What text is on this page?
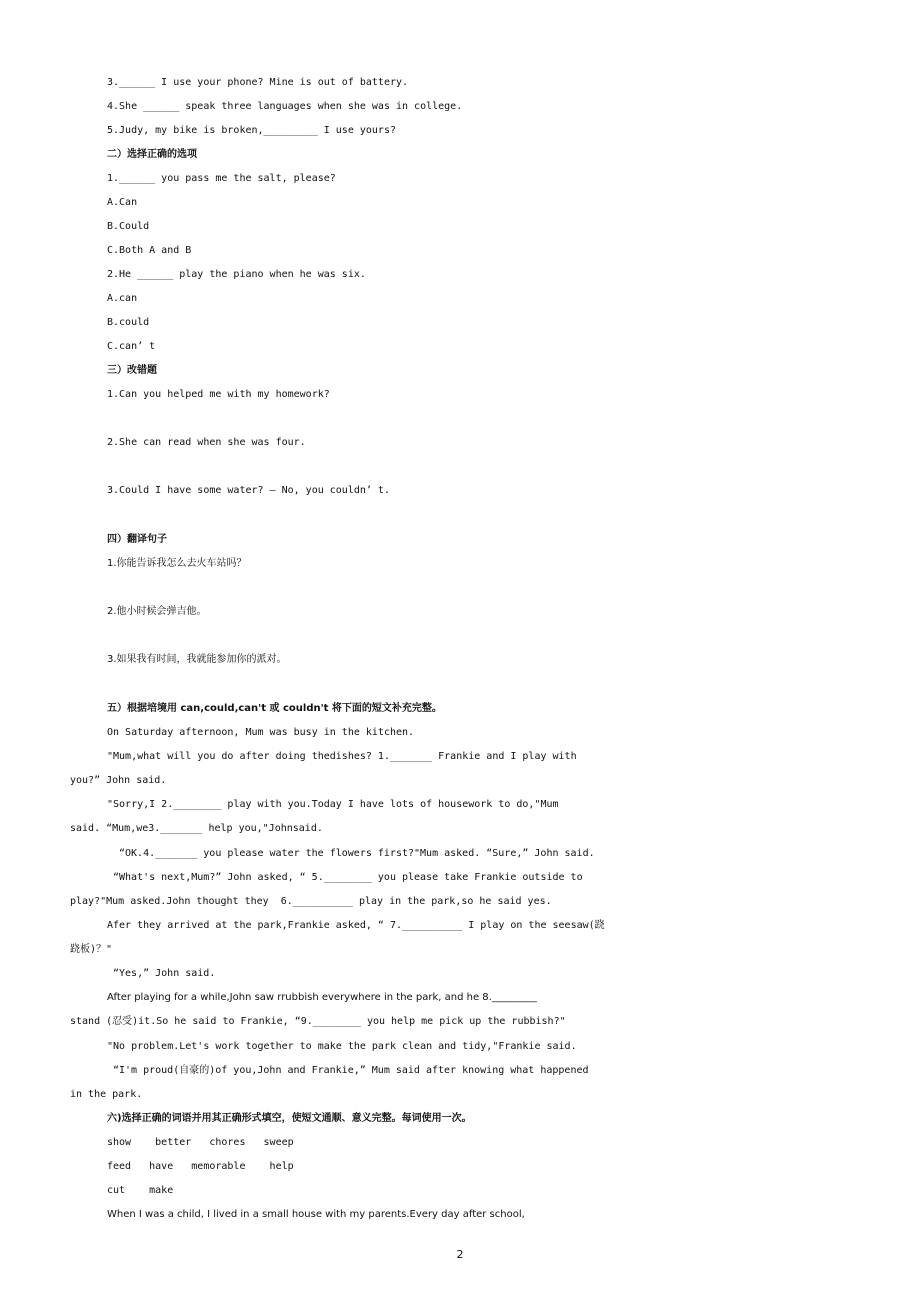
3.______ I use your phone? Mine is out of battery.
4.She ______ speak three languages when she was in college.
5.Judy, my bike is broken,_________ I use yours?
二）选择正确的选项
1.______ you pass me the salt, please?
A.Can
B.Could
C.Both A and B
2.He ______ play the piano when he was six.
A.can
B.could
C.can’ t
三）改错题
1.Can you helped me with my homework?
2.She can read when she was four.
3.Could I have some water? — No, you couldn’ t.
四）翻译句子
1.你能告诉我怎么去火车站吗？
2.他小时候会弹吉他。
3.如果我有时间，我就能参加你的派对。
五）根据培境用 can,could,can't 或 couldn't 将下面的短文补充完整。
On Saturday afternoon, Mum was busy in the kitchen.
"Mum,what will you do after doing thedishes? 1._______ Frankie and I play with
you?” John said.
"Sorry,I 2.________ play with you.Today I have lots of housework to do,"Mum
said. “Mum,we3._______ help you,"Johnsaid.
“OK.4._______ you please water the flowers first?"Mum asked. “Sure,” John said.
“What's next,Mum?” John asked, “ 5.________ you please take Frankie outside to
play?"Mum asked.John thought they  6.__________ play in the park,so he said yes.
Afer they arrived at the park,Frankie asked, “ 7.__________ I play on the seesaw(跷
跷板)？"
“Yes,” John said.
After playing for a while,John saw rrubbish everywhere in the park, and he 8._________
stand (忍受)it.So he said to Frankie, “9.________ you help me pick up the rubbish?"
"No problem.Let's work together to make the park clean and tidy,"Frankie said.
“I'm proud(自豪的)of you,John and Frankie,” Mum said after knowing what happened
in the park.
六)选择正确的词语并用其正确形式填空，使短文通顺、意义完整。每词使用一次。
show    better   chores   sweep
feed   have   memorable    help
cut    make
When I was a child, I lived in a small house with my parents.Every day after school,
2
